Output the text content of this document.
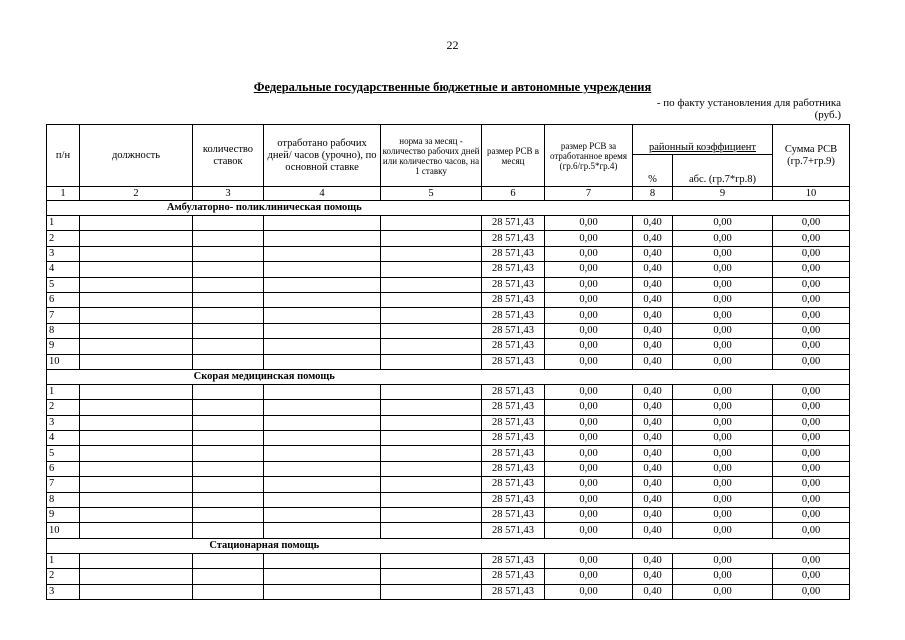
22
Федеральные государственные бюджетные и автономные учреждения
- по факту установления для работника
(руб.)
п/н	должность	количество ставок	отработано рабочих дней/ часов (урочно), по основной ставке	норма за месяц - количество рабочих дней или количество часов, на 1 ставку	размер РСВ в месяц	размер РСВ за отработанное время (гр.6/гр.5*гр.4)	районный коэффициент		Сумма РСВ (гр.7+гр.9)
							%	абс. (гр.7*гр.8)	
1	2	3	4	5	6	7	8	9	10
Амбулаторно- поликлиническая помощь									
1					28 571,43	0,00	0,40	0,00	0,00
2					28 571,43	0,00	0,40	0,00	0,00
3					28 571,43	0,00	0,40	0,00	0,00
4					28 571,43	0,00	0,40	0,00	0,00
5					28 571,43	0,00	0,40	0,00	0,00
6					28 571,43	0,00	0,40	0,00	0,00
7					28 571,43	0,00	0,40	0,00	0,00
8					28 571,43	0,00	0,40	0,00	0,00
9					28 571,43	0,00	0,40	0,00	0,00
10					28 571,43	0,00	0,40	0,00	0,00
Скорая медицинская помощь									
1					28 571,43	0,00	0,40	0,00	0,00
2					28 571,43	0,00	0,40	0,00	0,00
3					28 571,43	0,00	0,40	0,00	0,00
4					28 571,43	0,00	0,40	0,00	0,00
5					28 571,43	0,00	0,40	0,00	0,00
6					28 571,43	0,00	0,40	0,00	0,00
7					28 571,43	0,00	0,40	0,00	0,00
8					28 571,43	0,00	0,40	0,00	0,00
9					28 571,43	0,00	0,40	0,00	0,00
10					28 571,43	0,00	0,40	0,00	0,00
Стационарная помощь									
1					28 571,43	0,00	0,40	0,00	0,00
2					28 571,43	0,00	0,40	0,00	0,00
3					28 571,43	0,00	0,40	0,00	0,00
